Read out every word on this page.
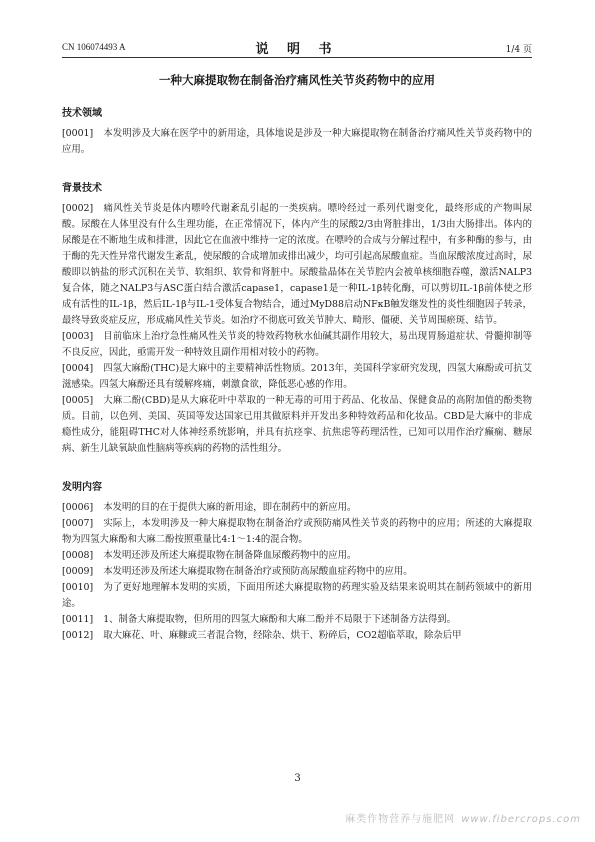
CN 106074493 A	说 明 书	1/4 页
一种大麻提取物在制备治疗痛风性关节炎药物中的应用
技术领域

[0001] 本发明涉及大麻在医学中的新用途，具体地说是涉及一种大麻提取物在制备治疗痛风性关节炎药物中的应用。

背景技术

[0002] 痛风性关节炎是体内嘌呤代谢紊乱引起的一类疾病。嘌呤经过一系列代谢变化，最终形成的产物叫尿酸。尿酸在人体里没有什么生理功能，在正常情况下，体内产生的尿酸2/3由肾脏排出，1/3由大肠排出。体内的尿酸是在不断地生成和排泄，因此它在血液中维持一定的浓度。在嘌呤的合成与分解过程中，有多种酶的参与，由于酶的先天性异常代谢发生紊乱，使尿酸的合成增加或排出减少，均可引起高尿酸血症。当血尿酸浓度过高时，尿酸即以钠盐的形式沉积在关节、软组织、软骨和肾脏中。尿酸盐晶体在关节腔内会被单核细胞吞噬，激活NALP3复合体，随之NALP3与ASC蛋白结合激活capase1，capase1是一种IL-1β转化酶，可以剪切IL-1β前体使之形成有活性的IL-1β，然后IL-1β与IL-1受体复合物结合，通过MyD88启动NFκB触发继发性的炎性细胞因子转录，最终导致炎症反应，形成痛风性关节炎。如治疗不彻底可致关节肿大、畸形、僵硬、关节周围瘀斑、结节。

[0003] 目前临床上治疗急性痛风性关节炎的特效药物秋水仙碱其副作用较大，易出现胃肠道症状、骨髓抑制等不良反应，因此，亟需开发一种特效且副作用相对较小的药物。

[0004] 四氢大麻酚(THC)是大麻中的主要精神活性物质。2013年，美国科学家研究发现，四氢大麻酚或可抗艾滋感染。四氢大麻酚还具有缓解疼痛，刺激食欲，降低恶心感的作用。

[0005] 大麻二酚(CBD)是从大麻花叶中萃取的一种无毒的可用于药品、化妆品、保健食品的高附加值的酚类物质。目前，以色列、美国、英国等发达国家已用其做原料并开发出多种特效药品和化妆品。CBD是大麻中的非成瘾性成分，能阻碍THC对人体神经系统影响，并具有抗痉挛、抗焦虑等药理活性，已知可以用作治疗癫痫、糖尿病、新生儿缺氧缺血性脑病等疾病的药物的活性组分。

发明内容

[0006] 本发明的目的在于提供大麻的新用途，即在制药中的新应用。

[0007] 实际上，本发明涉及一种大麻提取物在制备治疗或预防痛风性关节炎的药物中的应用；所述的大麻提取物为四氢大麻酚和大麻二酚按照重量比4:1～1:4的混合物。

[0008] 本发明还涉及所述大麻提取物在制备降血尿酸药物中的应用。

[0009] 本发明还涉及所述大麻提取物在制备治疗或预防高尿酸血症药物中的应用。

[0010] 为了更好地理解本发明的实质，下面用所述大麻提取物的药理实验及结果来说明其在制药领域中的新用途。

[0011] 1、制备大麻提取物，但所用的四氢大麻酚和大麻二酚并不局限于下述制备方法得到。

[0012] 取大麻花、叶、麻糠或三者混合物，经除杂、烘干、粉碎后，CO2超临萃取，除杂后甲

3
麻类作物营养与施肥网 www.fibercrops.com
